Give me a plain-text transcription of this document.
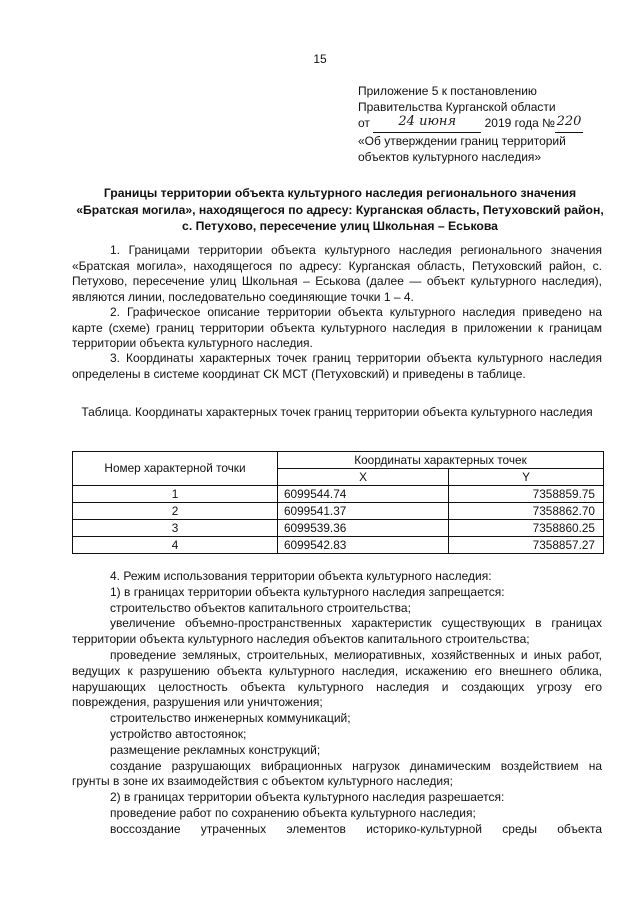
15
Приложение 5 к постановлению
Правительства Курганской области
от 24 июня 2019 года № 220
«Об утверждении границ территорий
объектов культурного наследия»
Границы территории объекта культурного наследия регионального значения «Братская могила», находящегося по адресу: Курганская область, Петуховский район, с. Петухово, пересечение улиц Школьная – Еськова

1. Границами территории объекта культурного наследия регионального значения «Братская могила», находящегося по адресу: Курганская область, Петуховский район, с. Петухово, пересечение улиц Школьная – Еськова (далее — объект культурного наследия), являются линии, последовательно соединяющие точки 1 – 4.

2. Графическое описание территории объекта культурного наследия приведено на карте (схеме) границ территории объекта культурного наследия в приложении к границам территории объекта культурного наследия.

3. Координаты характерных точек границ территории объекта культурного наследия определены в системе координат СК МСТ (Петуховский) и приведены в таблице.

Таблица. Координаты характерных точек границ территории объекта культурного наследия
Номер характерной точки	Координаты характерных точек	
	X	Y
1	6099544.74	7358859.75
2	6099541.37	7358862.70
3	6099539.36	7358860.25
4	6099542.83	7358857.27

4. Режим использования территории объекта культурного наследия:

1) в границах территории объекта культурного наследия запрещается:

строительство объектов капитального строительства;

увеличение объемно-пространственных характеристик существующих в границах территории объекта культурного наследия объектов капитального строительства;

проведение земляных, строительных, мелиоративных, хозяйственных и иных работ, ведущих к разрушению объекта культурного наследия, искажению его внешнего облика, нарушающих целостность объекта культурного наследия и создающих угрозу его повреждения, разрушения или уничтожения;

строительство инженерных коммуникаций;

устройство автостоянок;

размещение рекламных конструкций;

создание разрушающих вибрационных нагрузок динамическим воздействием на грунты в зоне их взаимодействия с объектом культурного наследия;

2) в границах территории объекта культурного наследия разрешается:

проведение работ по сохранению объекта культурного наследия;

воссоздание утраченных элементов историко-культурной среды объекта
